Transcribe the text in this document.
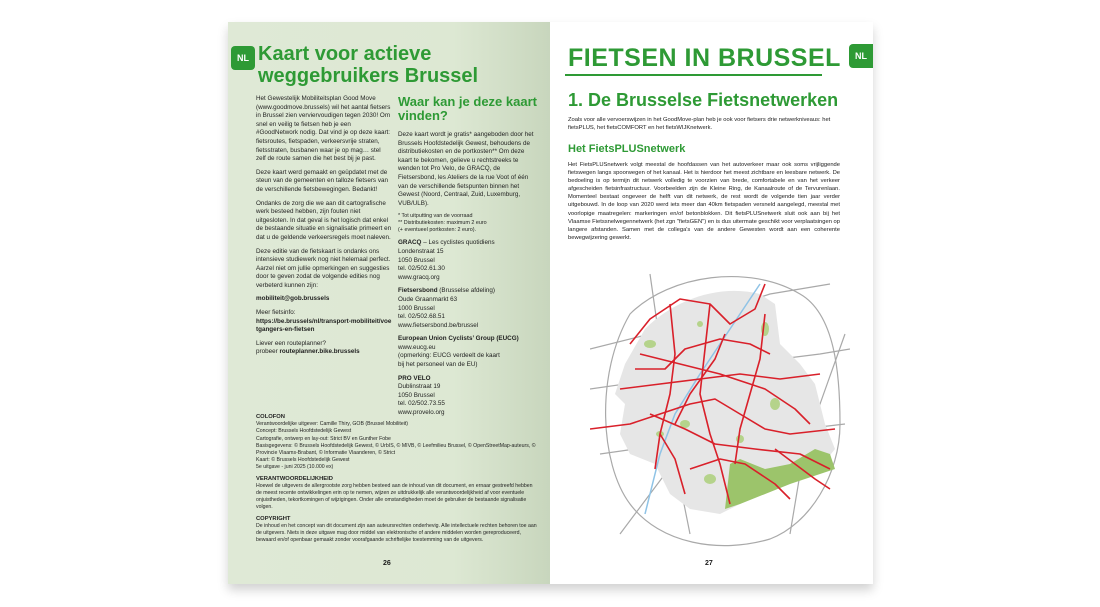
NL Kaart voor actieve weggebruikers Brussel

Het Gewestelijk Mobiliteitsplan Good Move (www.goodmove.brussels) wil het aantal fietsers in Brussel zien verviervoudigen tegen 2030! Om snel en veilig te fietsen heb je een #GoodNetwork nodig. Dat vind je op deze kaart: fietsroutes, fietspaden, verkeersvrije straten, fietsstraten, busbanen waar je op mag… stel zelf de route samen die het best bij je past.

Deze kaart werd gemaakt en geüpdatet met de steun van de gemeenten en talloze fietsers van de verschillende fietsbewegingen. Bedankt!

Ondanks de zorg die we aan dit cartografische werk besteed hebben, zijn fouten niet uitgesloten. In dat geval is het logisch dat enkel de bestaande situatie en signalisatie primeert en dat u de geldende verkeersregels moet naleven.

Deze editie van de fietskaart is ondanks ons intensieve studiewerk nog niet helemaal perfect. Aarzel niet om jullie opmerkingen en suggesties door te geven zodat de volgende edities nog verbeterd kunnen zijn:

mobiliteit@gob.brussels

Meer fietsinfo:
https://be.brussels/nl/transport-mobiliteit/voetgangers-en-fietsen

Liever een routeplanner?
probeer routeplanner.bike.brussels

Waar kan je deze kaart vinden?

Deze kaart wordt je gratis* aangeboden door het Brussels Hoofdstedelijk Gewest, behoudens de distributiekosten en de portkosten** Om deze kaart te bekomen, gelieve u rechtstreeks te wenden tot Pro Velo, de GRACQ, de Fietsersbond, les Ateliers de la rue Voot of één van de verschillende fietspunten binnen het Gewest (Noord, Centraal, Zuid, Luxemburg, VUB/ULB).

* Tot uitputting van de voorraad
** Distributiekosten: maximum 2 euro
(+ eventueel portkosten: 2 euro).

GRACQ – Les cyclistes quotidiens
Londenstraat 15
1050 Brussel
tel. 02/502.61.30
www.gracq.org

Fietsersbond (Brusselse afdeling)
Oude Graanmarkt 63
1000 Brussel
tel. 02/502.68.51
www.fietsersbond.be/brussel

European Union Cyclists’ Group (EUCG)
www.eucg.eu
(opmerking: EUCG verdeelt de kaart
bij het personeel van de EU)

PRO VELO
Dublinstraat 19
1050 Brussel
tel. 02/502.73.55
www.provelo.org

COLOFON

Verantwoordelijke uitgever: Camille Thiry, GOB (Brussel Mobiliteit)

Concept: Brussels Hoofdstedelijk Gewest

Cartografie, ontwerp en lay-out: Strict BV en Gunther Fobe

Basisgegevens: © Brussels Hoofdstedelijk Gewest, © UrbIS, © MIVB, © Leefmilieu Brussel, © OpenStreetMap-auteurs, © Provincie Vlaams-Brabant, © Informatie Vlaanderen, © Strict

Kaart: © Brussels Hoofdstedelijk Gewest

5e uitgave - juni 2025 (10.000 ex)

VERANTWOORDELIJKHEID

Hoewel de uitgevers de allergrootste zorg hebben besteed aan de inhoud van dit document, en ernaar gestreefd hebben de meest recente ontwikkelingen erin op te nemen, wijzen ze uitdrukkelijk alle verantwoordelijkheid af voor eventuele onjuistheden, tekortkomingen of wijzigingen. Onder alle omstandigheden moet de gebruiker de bestaande signalisatie volgen.

COPYRIGHT

De inhoud en het concept van dit document zijn aan auteursrechten onderhevig. Alle intellectuele rechten behoren toe aan de uitgevers. Niets in deze uitgave mag door middel van elektronische of andere middelen worden gereproduceerd, bewaard en/of openbaar gemaakt zonder voorafgaande schriftelijke toestemming van de uitgevers.

26
NL
FIETSEN IN BRUSSEL
1. De Brusselse Fietsnetwerken
Zoals voor alle vervoerswijzen in het GoodMove-plan heb je ook voor fietsers drie netwerkniveaus: het fietsPLUS, het fietsCOMFORT en het fietsWIJKnetwerk.
Het FietsPLUSnetwerk
Het FietsPLUSnetwerk volgt meestal de hoofdassen van het autoverkeer maar ook soms vrijliggende fietswegen langs spoorwegen of het kanaal. Het is hierdoor het meest zichtbare en leesbare netwerk. De bedoeling is op termijn dit netwerk volledig te voorzien van brede, comfortabele en van het verkeer afgescheiden fietsinfrastructuur. Voorbeelden zijn de Kleine Ring, de Kanaalroute of de Tervurenlaan. Momenteel bestaat ongeveer de helft van dit netwerk, de rest wordt de volgende tien jaar verder uitgebouwd. In de loop van 2020 werd iets meer dan 40km fietspaden versneld aangelegd, meestal met voorlopige maatregelen: markeringen en/of betonblokken. Dit fietsPLUSnetwerk sluit ook aan bij het Vlaamse Fietssnelwegennetwerk (het zgn "fietsGEN") en is dus uitermate geschikt voor verplaatsingen op langere afstanden. Samen met de collega's van de andere Gewesten wordt aan een coherente bewegwijzering gewerkt.
27
